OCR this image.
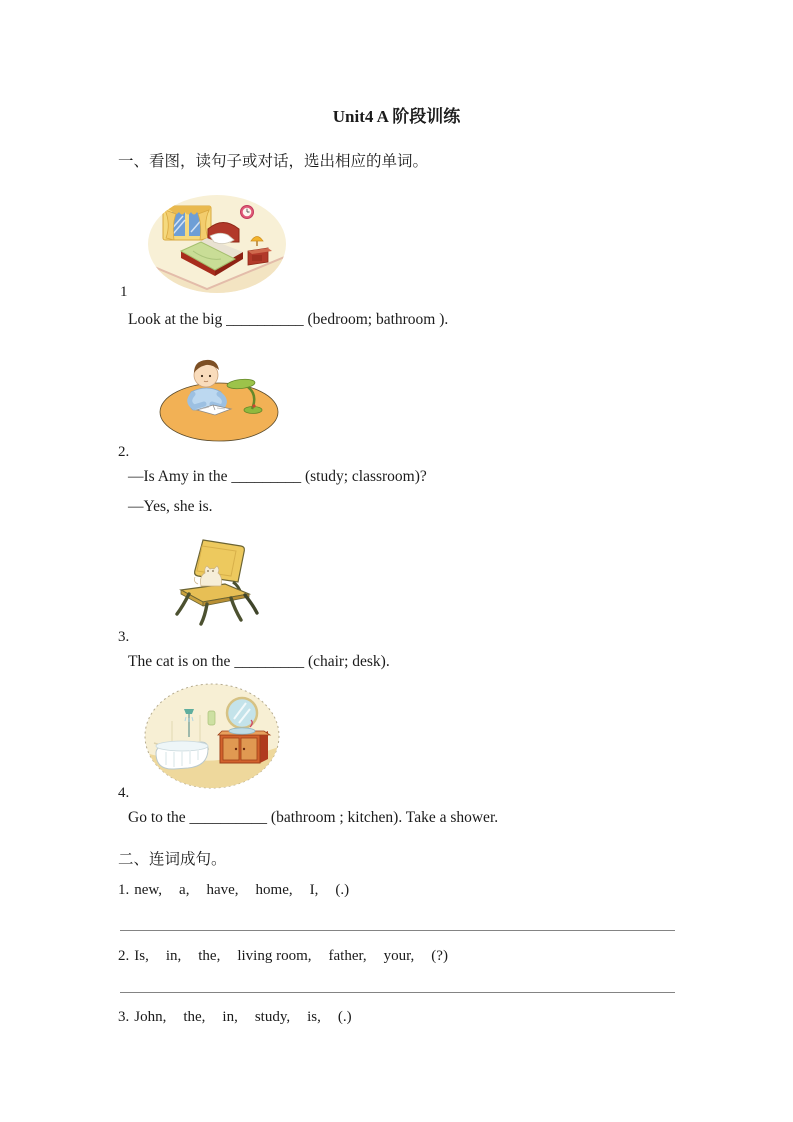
Unit4 A 阶段训练
一、看图，读句子或对话，选出相应的单词。
1
Look at the big __________ (bedroom; bathroom ).
2.
—Is Amy in the _________ (study; classroom)?
—Yes, she is.
3.
The cat is on the _________ (chair; desk).
4.
Go to the __________ (bathroom ; kitchen). Take a shower.
二、连词成句。
1. new, a, have, home, I, (.)
2. Is, in, the, living room, father, your, (?)
3. John, the, in, study, is, (.)
